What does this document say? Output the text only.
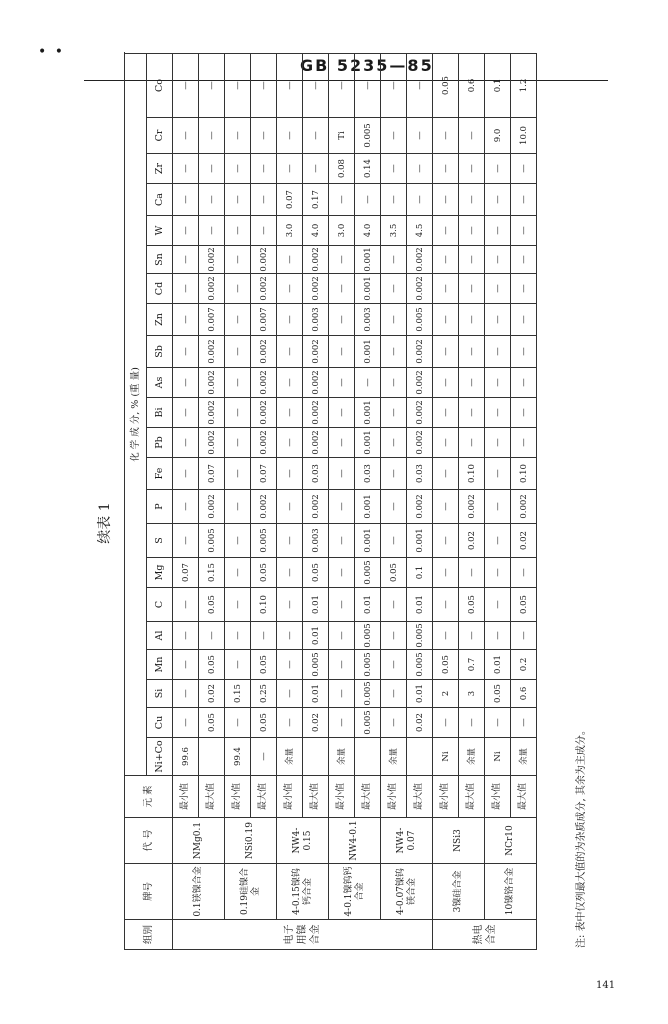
• •
GB 5235—85
141
续表 1
组别	牌号	代 号	元 素	化 学 成 分, % (重 量)																						
				Ni+Co	Cu	Si	Mn	Al	C	Mg	S	P	Fe	Pb	Bi	As	Sb	Zn	Cd	Sn	W	Ca	Zr	Cr	Co	
电子用镍合金	0.1镁镍合金	NMg0.1	最小值	99.6	—	—	—	—	—	0.07	—	—	—	—	—	—	—	—	—	—	—	—	—	—	—	
			最大值		0.05	0.02	0.05	—	0.05	0.15	0.005	0.002	0.07	0.002	0.002	0.002	0.002	0.007	0.002	0.002	—	—	—	—	—	
	0.19硅镍合金	NSi0.19	最小值	99.4	—	0.15	—	—	—	—	—	—	—	—	—	—	—	—	—	—	—	—	—	—	—	
			最大值	—	0.05	0.25	0.05	—	0.10	0.05	0.005	0.002	0.07	0.002	0.002	0.002	0.002	0.007	0.002	0.002	—	—	—	—	—	
	4-0.15镍钨钙合金	NW4-0.15	最小值	余量	—	—	—	—	—	—	—	—	—	—	—	—	—	—	—	—	3.0	0.07	—	—	—	
			最大值		0.02	0.01	0.005	0.01	0.01	0.05	0.003	0.002	0.03	0.002	0.002	0.002	0.002	0.003	0.002	0.002	4.0	0.17	—	—	—	
	4-0.1镍钨钙合金	NW4-0.1	最小值	余量	—	—	—	—	—	—	—	—	—	—	—	—	—	—	—	—	3.0	—	0.08	Ti	—	
			最大值		0.005	0.005	0.005	0.005	0.01	0.005	0.001	0.001	0.03	0.001	0.001	—	0.001	0.003	0.001	0.001	4.0	—	0.14	0.005	—	
	4-0.07镍钨镁合金	NW4-0.07	最小值	余量	—	—	—	—	—	0.05	—	—	—	—	—	—	—	—	—	—	3.5	—	—	—	—	
			最大值		0.02	0.01	0.005	0.005	0.01	0.1	0.001	0.002	0.03	0.002	0.002	0.002	0.002	0.005	0.002	0.002	4.5	—	—	—	—	
热电合金	3镍硅合金	NSi3	最小值	Ni	—	2	0.05	—	—	—	—	—	—	—	—	—	—	—	—	—	—	—	—	—	0.05	
			最大值	余量	—	3	0.7	—	0.05	—	0.02	0.002	0.10	—	—	—	—	—	—	—	—	—	—	—	0.6	
	10镍铬合金	NCr10	最小值	Ni	—	0.05	0.01	—	—	—	—	—	—	—	—	—	—	—	—	—	—	—	—	9.0	0.1	
			最大值	余量	—	0.6	0.2	—	0.05	—	0.02	0.002	0.10	—	—	—	—	—	—	—	—	—	—	10.0	1.2	
注: 表中仅列最大值的为杂质成分, 其余为主成分。
